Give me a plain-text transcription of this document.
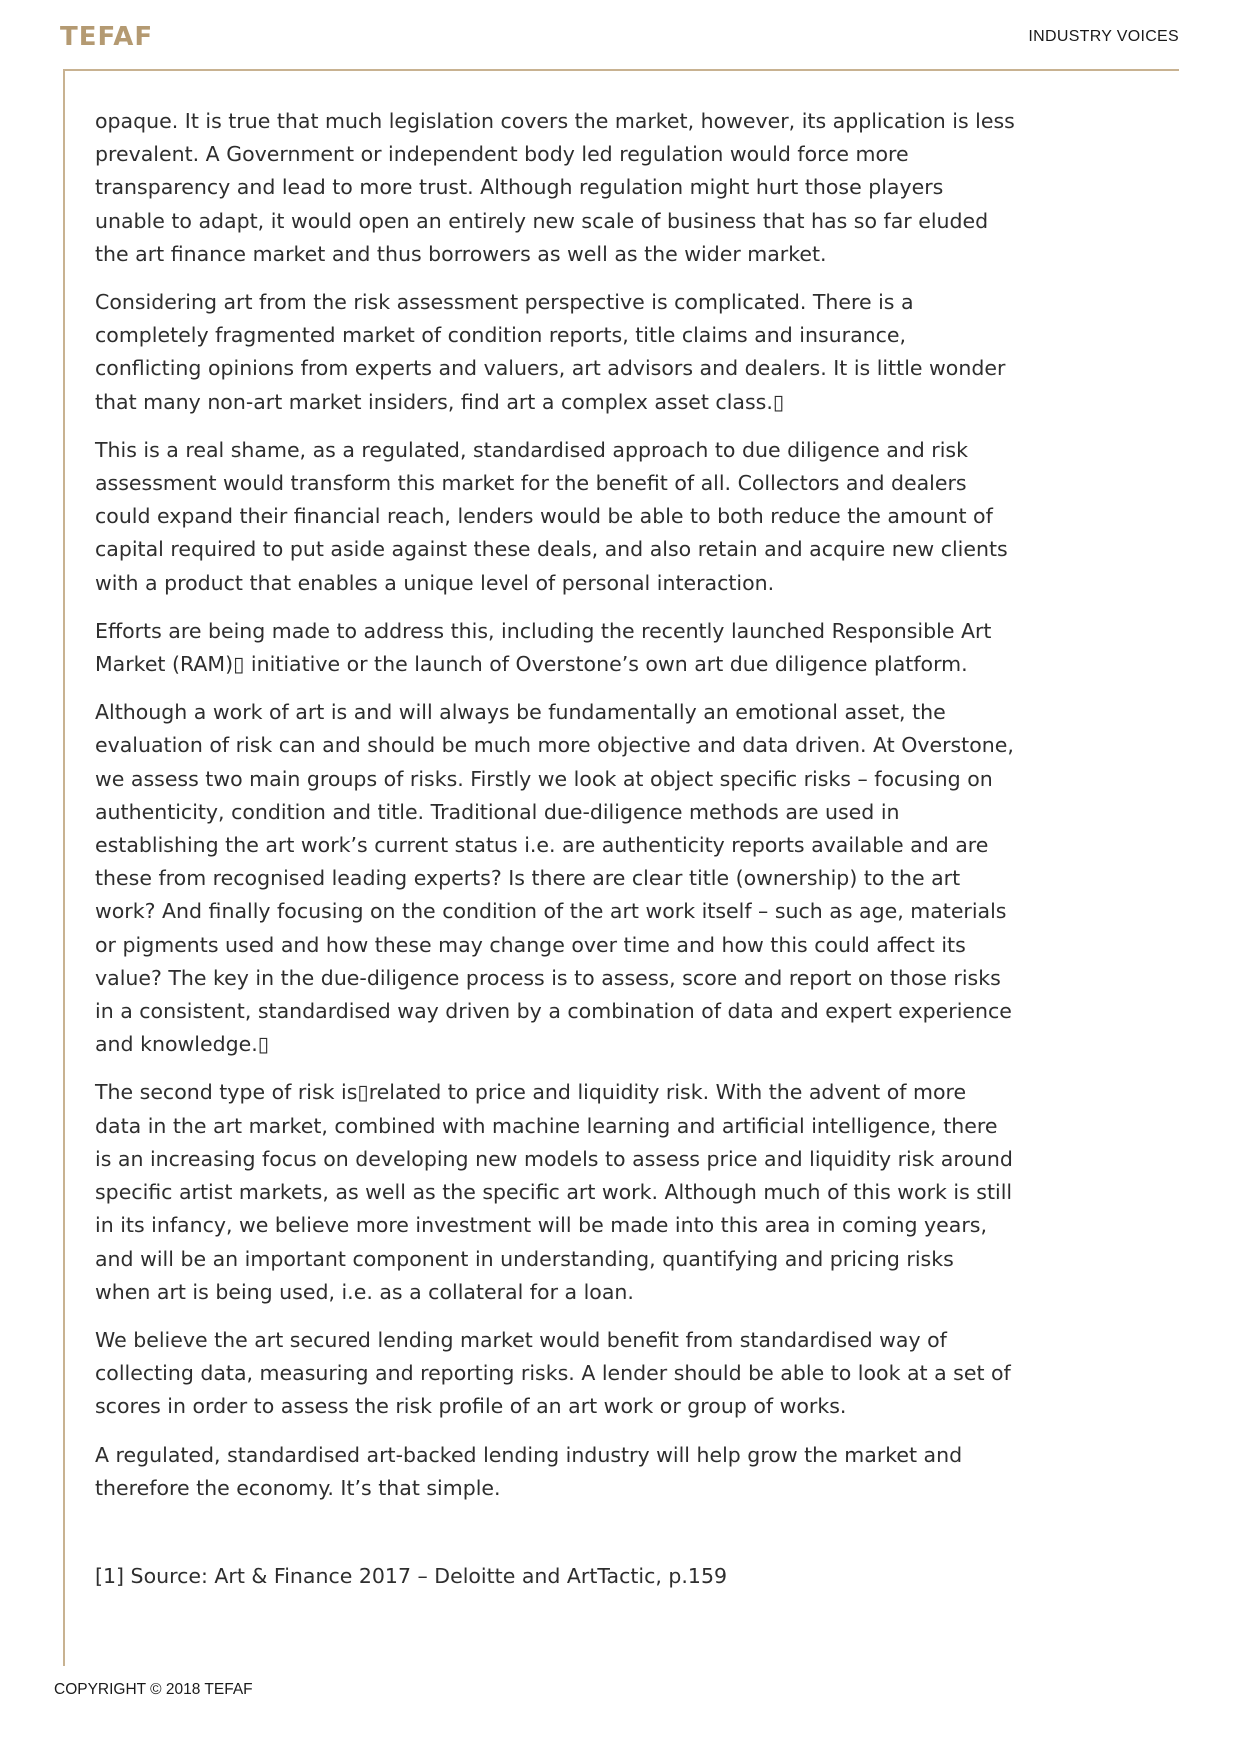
TEFAF	INDUSTRY VOICES

opaque. It is true that much legislation covers the market, however, its application is less prevalent. A Government or independent body led regulation would force more transparency and lead to more trust. Although regulation might hurt those players unable to adapt, it would open an entirely new scale of business that has so far eluded the art finance market and thus borrowers as well as the wider market.

Considering art from the risk assessment perspective is complicated. There is a completely fragmented market of condition reports, title claims and insurance, conflicting opinions from experts and valuers, art advisors and dealers. It is little wonder that many non-art market insiders, find art a complex asset class.⁠▯

This is a real shame, as a regulated, standardised approach to due diligence and risk assessment would transform this market for the benefit of all. Collectors and dealers could expand their financial reach, lenders would be able to both reduce the amount of capital required to put aside against these deals, and also retain and acquire new clients with a product that enables a unique level of personal interaction.

Efforts are being made to address this, including the recently launched Responsible Art Market (RAM)▯ initiative or the launch of Overstone’s own art due diligence platform.

Although a work of art is and will always be fundamentally an emotional asset, the evaluation of risk can and should be much more objective and data driven. At Overstone, we assess two main groups of risks. Firstly we look at object specific risks – focusing on authenticity, condition and title. Traditional due-diligence methods are used in establishing the art work’s current status i.e. are authenticity reports available and are these from recognised leading experts? Is there are clear title (ownership) to the art work? And finally focusing on the condition of the art work itself – such as age, materials or pigments used and how these may change over time and how this could affect its value? The key in the due-diligence process is to assess, score and report on those risks in a consistent, standardised way driven by a combination of data and expert experience and knowledge.▯

The second type of risk is▯related to price and liquidity risk. With the advent of more data in the art market, combined with machine learning and artificial intelligence, there is an increasing focus on developing new models to assess price and liquidity risk around specific artist markets, as well as the specific art work. Although much of this work is still in its infancy, we believe more investment will be made into this area in coming years, and will be an important component in understanding, quantifying and pricing risks when art is being used, i.e. as a collateral for a loan.

We believe the art secured lending market would benefit from standardised way of collecting data, measuring and reporting risks. A lender should be able to look at a set of scores in order to assess the risk profile of an art work or group of works.

A regulated, standardised art-backed lending industry will help grow the market and therefore the economy. It’s that simple.

[1] Source: Art & Finance 2017 – Deloitte and ArtTactic, p.159

COPYRIGHT © 2018 TEFAF
